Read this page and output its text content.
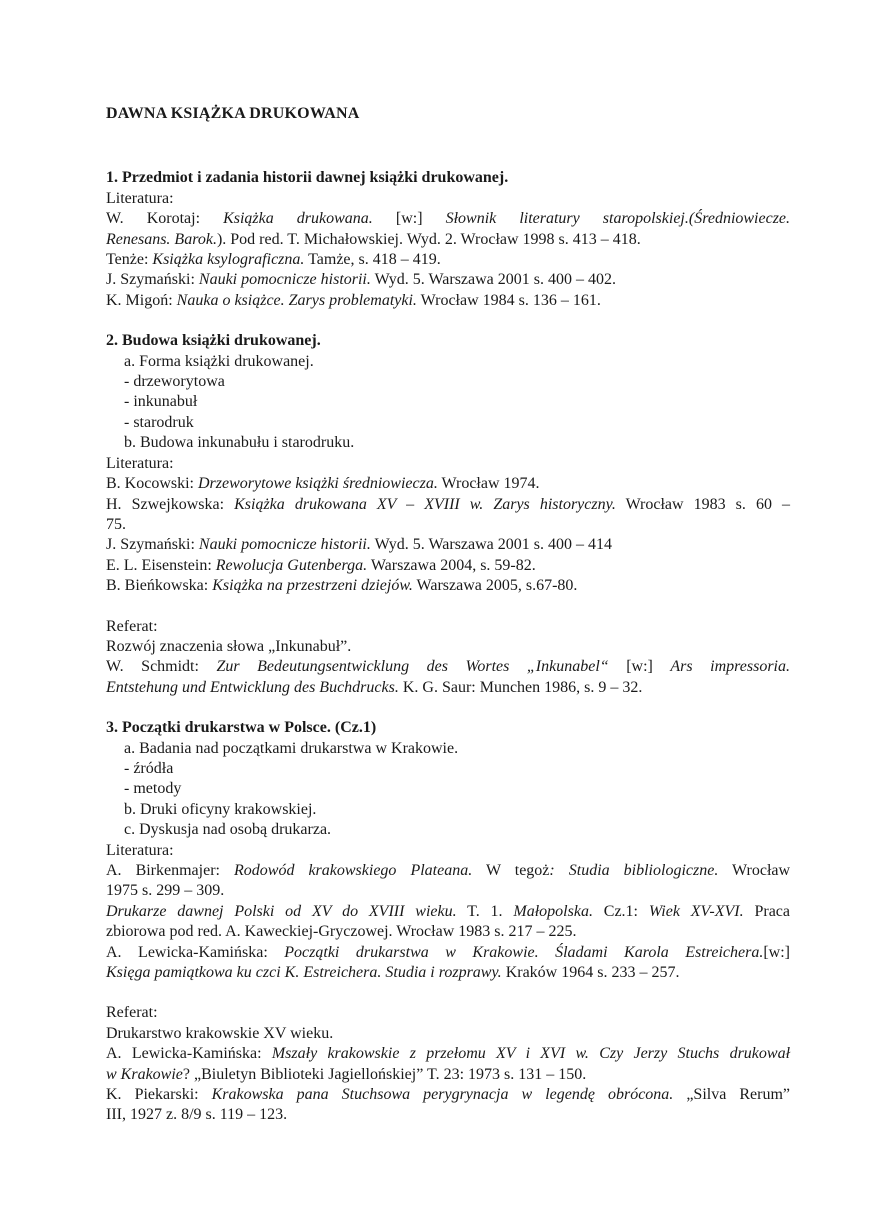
DAWNA KSIĄŻKA DRUKOWANA
1. Przedmiot i zadania historii dawnej książki drukowanej.
Literatura:
W. Korotaj: Książka drukowana. [w:] Słownik literatury staropolskiej.(Średniowiecze.
Renesans. Barok.). Pod red. T. Michałowskiej. Wyd. 2. Wrocław 1998 s. 413 – 418.
Tenże: Książka ksylograficzna. Tamże, s. 418 – 419.
J. Szymański: Nauki pomocnicze historii. Wyd. 5. Warszawa 2001 s. 400 – 402.
K. Migoń: Nauka o książce. Zarys problematyki. Wrocław 1984 s. 136 – 161.
2. Budowa książki drukowanej.
a. Forma książki drukowanej.
- drzeworytowa
- inkunabuł
- starodruk
b. Budowa inkunabułu i starodruku.
Literatura:
B. Kocowski: Drzeworytowe książki średniowiecza. Wrocław 1974.
H. Szwejkowska: Książka drukowana XV – XVIII w. Zarys historyczny. Wrocław 1983 s. 60 –
75.
J. Szymański: Nauki pomocnicze historii. Wyd. 5. Warszawa 2001 s. 400 – 414
E. L. Eisenstein: Rewolucja Gutenberga. Warszawa 2004, s. 59-82.
B. Bieńkowska: Książka na przestrzeni dziejów. Warszawa 2005, s.67-80.
Referat:
Rozwój znaczenia słowa „Inkunabuł”.
W. Schmidt: Zur Bedeutungsentwicklung des Wortes „Inkunabel“ [w:] Ars impressoria.
Entstehung und Entwicklung des Buchdrucks. K. G. Saur: Munchen 1986, s. 9 – 32.
3. Początki drukarstwa w Polsce. (Cz.1)
a. Badania nad początkami drukarstwa w Krakowie.
- źródła
- metody
b. Druki oficyny krakowskiej.
c. Dyskusja nad osobą drukarza.
Literatura:
A. Birkenmajer: Rodowód krakowskiego Plateana. W tegoż: Studia bibliologiczne. Wrocław
1975 s. 299 – 309.
Drukarze dawnej Polski od XV do XVIII wieku. T. 1. Małopolska. Cz.1: Wiek XV-XVI. Praca
zbiorowa pod red. A. Kaweckiej-Gryczowej. Wrocław 1983 s. 217 – 225.
A. Lewicka-Kamińska: Początki drukarstwa w Krakowie. Śladami Karola Estreichera.[w:]
Księga pamiątkowa ku czci K. Estreichera. Studia i rozprawy. Kraków 1964 s. 233 – 257.
Referat:
Drukarstwo krakowskie XV wieku.
A. Lewicka-Kamińska: Mszały krakowskie z przełomu XV i XVI w. Czy Jerzy Stuchs drukował
w Krakowie? „Biuletyn Biblioteki Jagiellońskiej” T. 23: 1973 s. 131 – 150.
K. Piekarski: Krakowska pana Stuchsowa perygrynacja w legendę obrócona. „Silva Rerum”
III, 1927 z. 8/9 s. 119 – 123.
